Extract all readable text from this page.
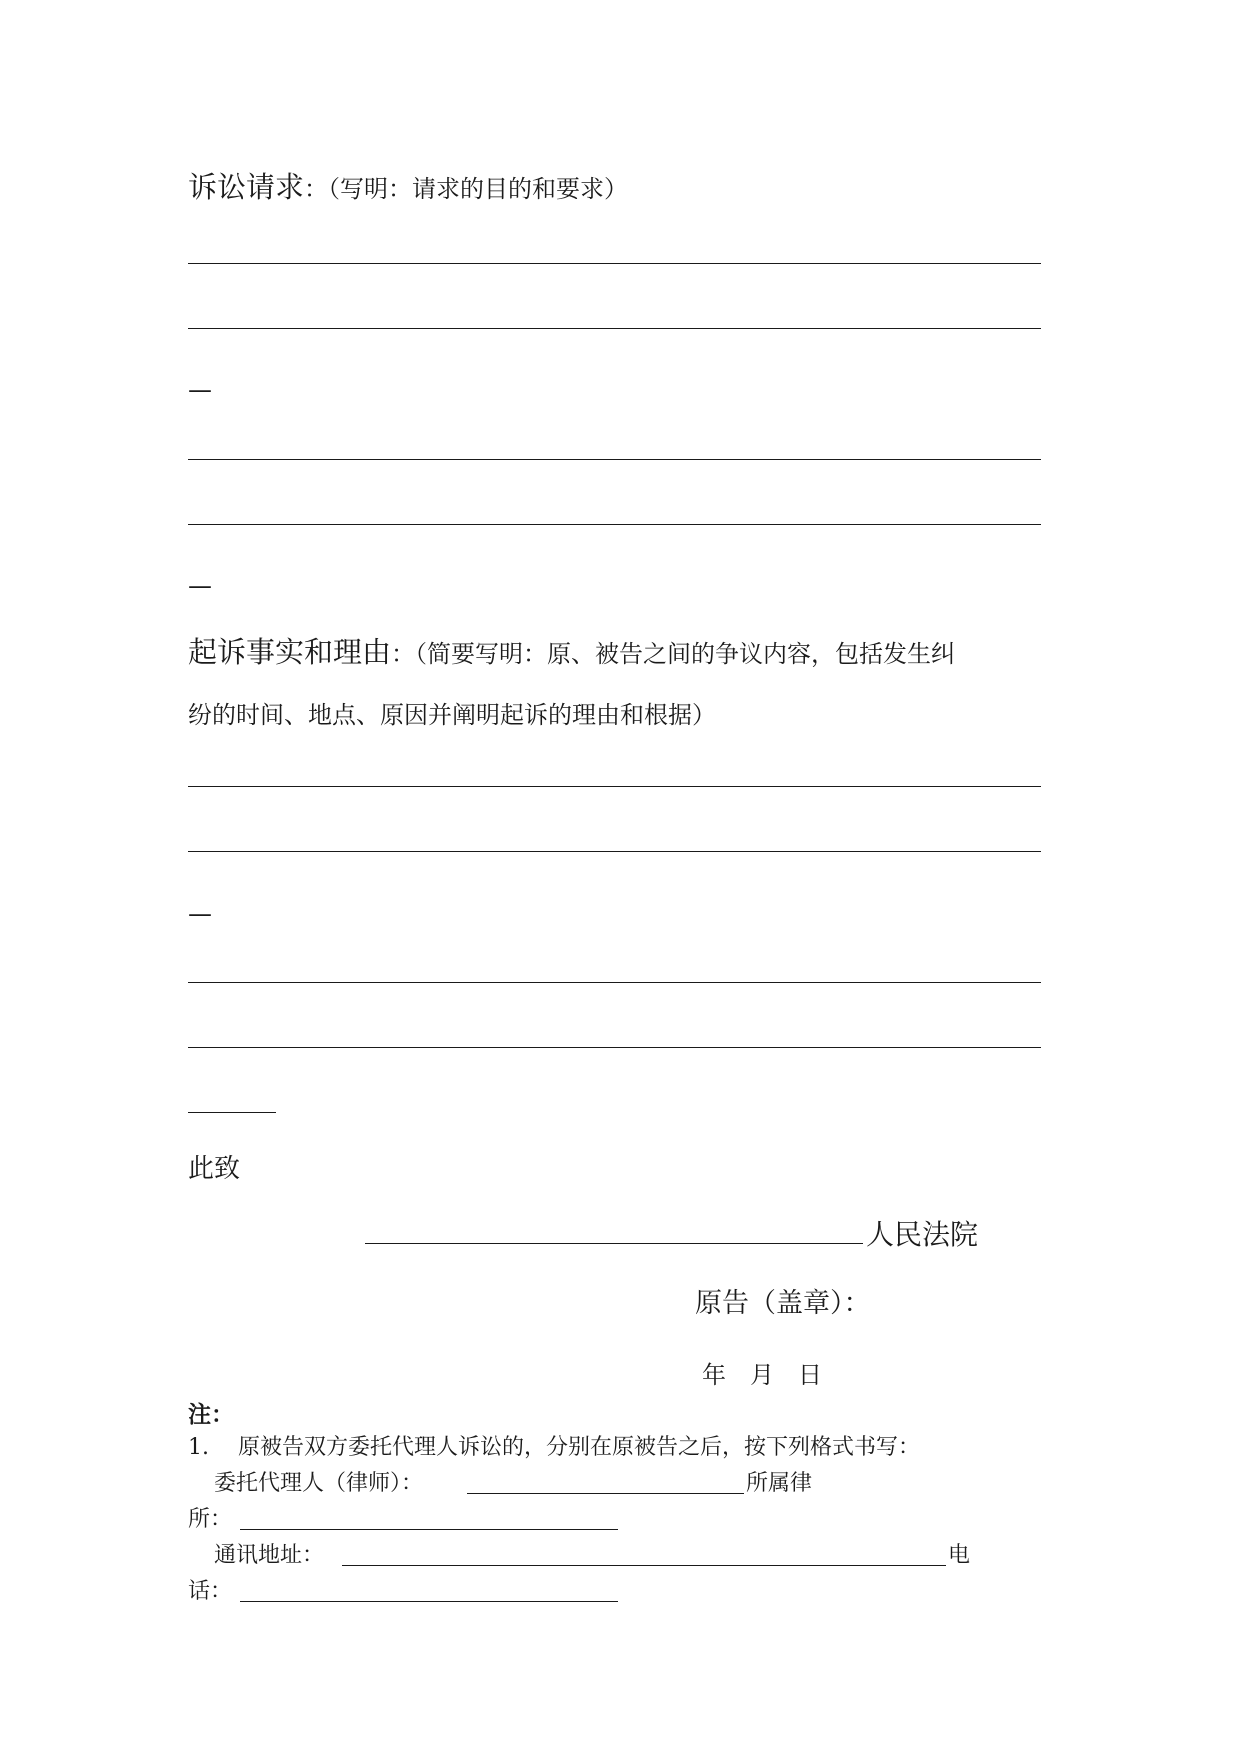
诉讼请求：（写明：请求的目的和要求）
—
—
起诉事实和理由：（简要写明：原、被告之间的争议内容，包括发生纠
纷的时间、地点、原因并阐明起诉的理由和根据）
—
此致
人民法院
原告（盖章）：
年　月　日
注：
1.　 原被告双方委托代理人诉讼的，分别在原被告之后，按下列格式书写：
委托代理人（律师）：	所属律
所：
通讯地址：	电
话：
